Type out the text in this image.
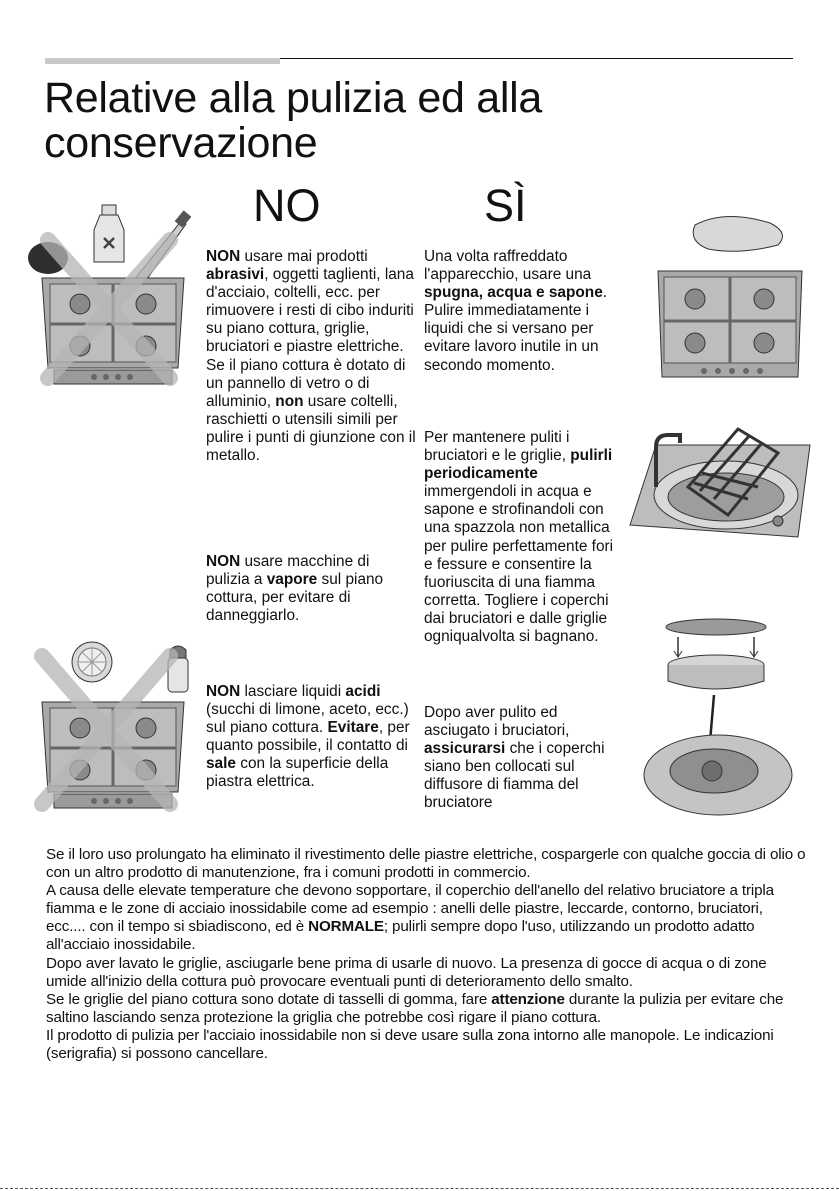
Relative alla pulizia ed alla conservazione
NO	SÌ

NON usare mai prodotti abrasivi, oggetti taglienti, lana d'acciaio, coltelli, ecc. per rimuovere i resti di cibo induriti su piano cottura, griglie, bruciatori e piastre elettriche. Se il piano cottura è dotato di un pannello di vetro o di alluminio, non usare coltelli, raschietti o utensili simili per pulire i punti di giunzione con il metallo.

NON usare macchine di pulizia a vapore sul piano cottura, per evitare di danneggiarlo.

NON lasciare liquidi acidi (succhi di limone, aceto, ecc.) sul piano cottura. Evitare, per quanto possibile, il contatto di sale con la superficie della piastra elettrica.

Una volta raffreddato l'apparecchio, usare una spugna, acqua e sapone. Pulire immediatamente i liquidi che si versano per evitare lavoro inutile in un secondo momento.

Per mantenere puliti i bruciatori e le griglie, pulirli periodicamente immergendoli in acqua e sapone e strofinandoli con una spazzola non metallica per pulire perfettamente fori e fessure e consentire la fuoriuscita di una fiamma corretta. Togliere i coperchi dai bruciatori e dalle griglie ogniqualvolta si bagnano.

Dopo aver pulito ed asciugato i bruciatori, assicurarsi che i coperchi siano ben collocati sul diffusore di fiamma del bruciatore

Se il loro uso prolungato ha eliminato il rivestimento delle piastre elettriche, cospargerle con qualche goccia di olio o con un altro prodotto di manutenzione, fra i comuni prodotti in commercio.

A causa delle elevate temperature che devono sopportare, il coperchio dell'anello del relativo bruciatore a tripla fiamma e le zone di acciaio inossidabile come ad esempio : anelli delle piastre, leccarde, contorno, bruciatori, ecc.... con il tempo si sbiadiscono, ed è NORMALE; pulirli sempre dopo l'uso, utilizzando un prodotto adatto all'acciaio inossidabile.

Dopo aver lavato le griglie, asciugarle bene prima di usarle di nuovo. La presenza di gocce di acqua o di zone umide all'inizio della cottura può provocare eventuali punti di deterioramento dello smalto.

Se le griglie del piano cottura sono dotate di tasselli di gomma, fare attenzione durante la pulizia per evitare che saltino lasciando senza protezione la griglia che potrebbe così rigare il piano cottura.

Il prodotto di pulizia per l'acciaio inossidabile non si deve usare sulla zona intorno alle manopole. Le indicazioni (serigrafia) si possono cancellare.
